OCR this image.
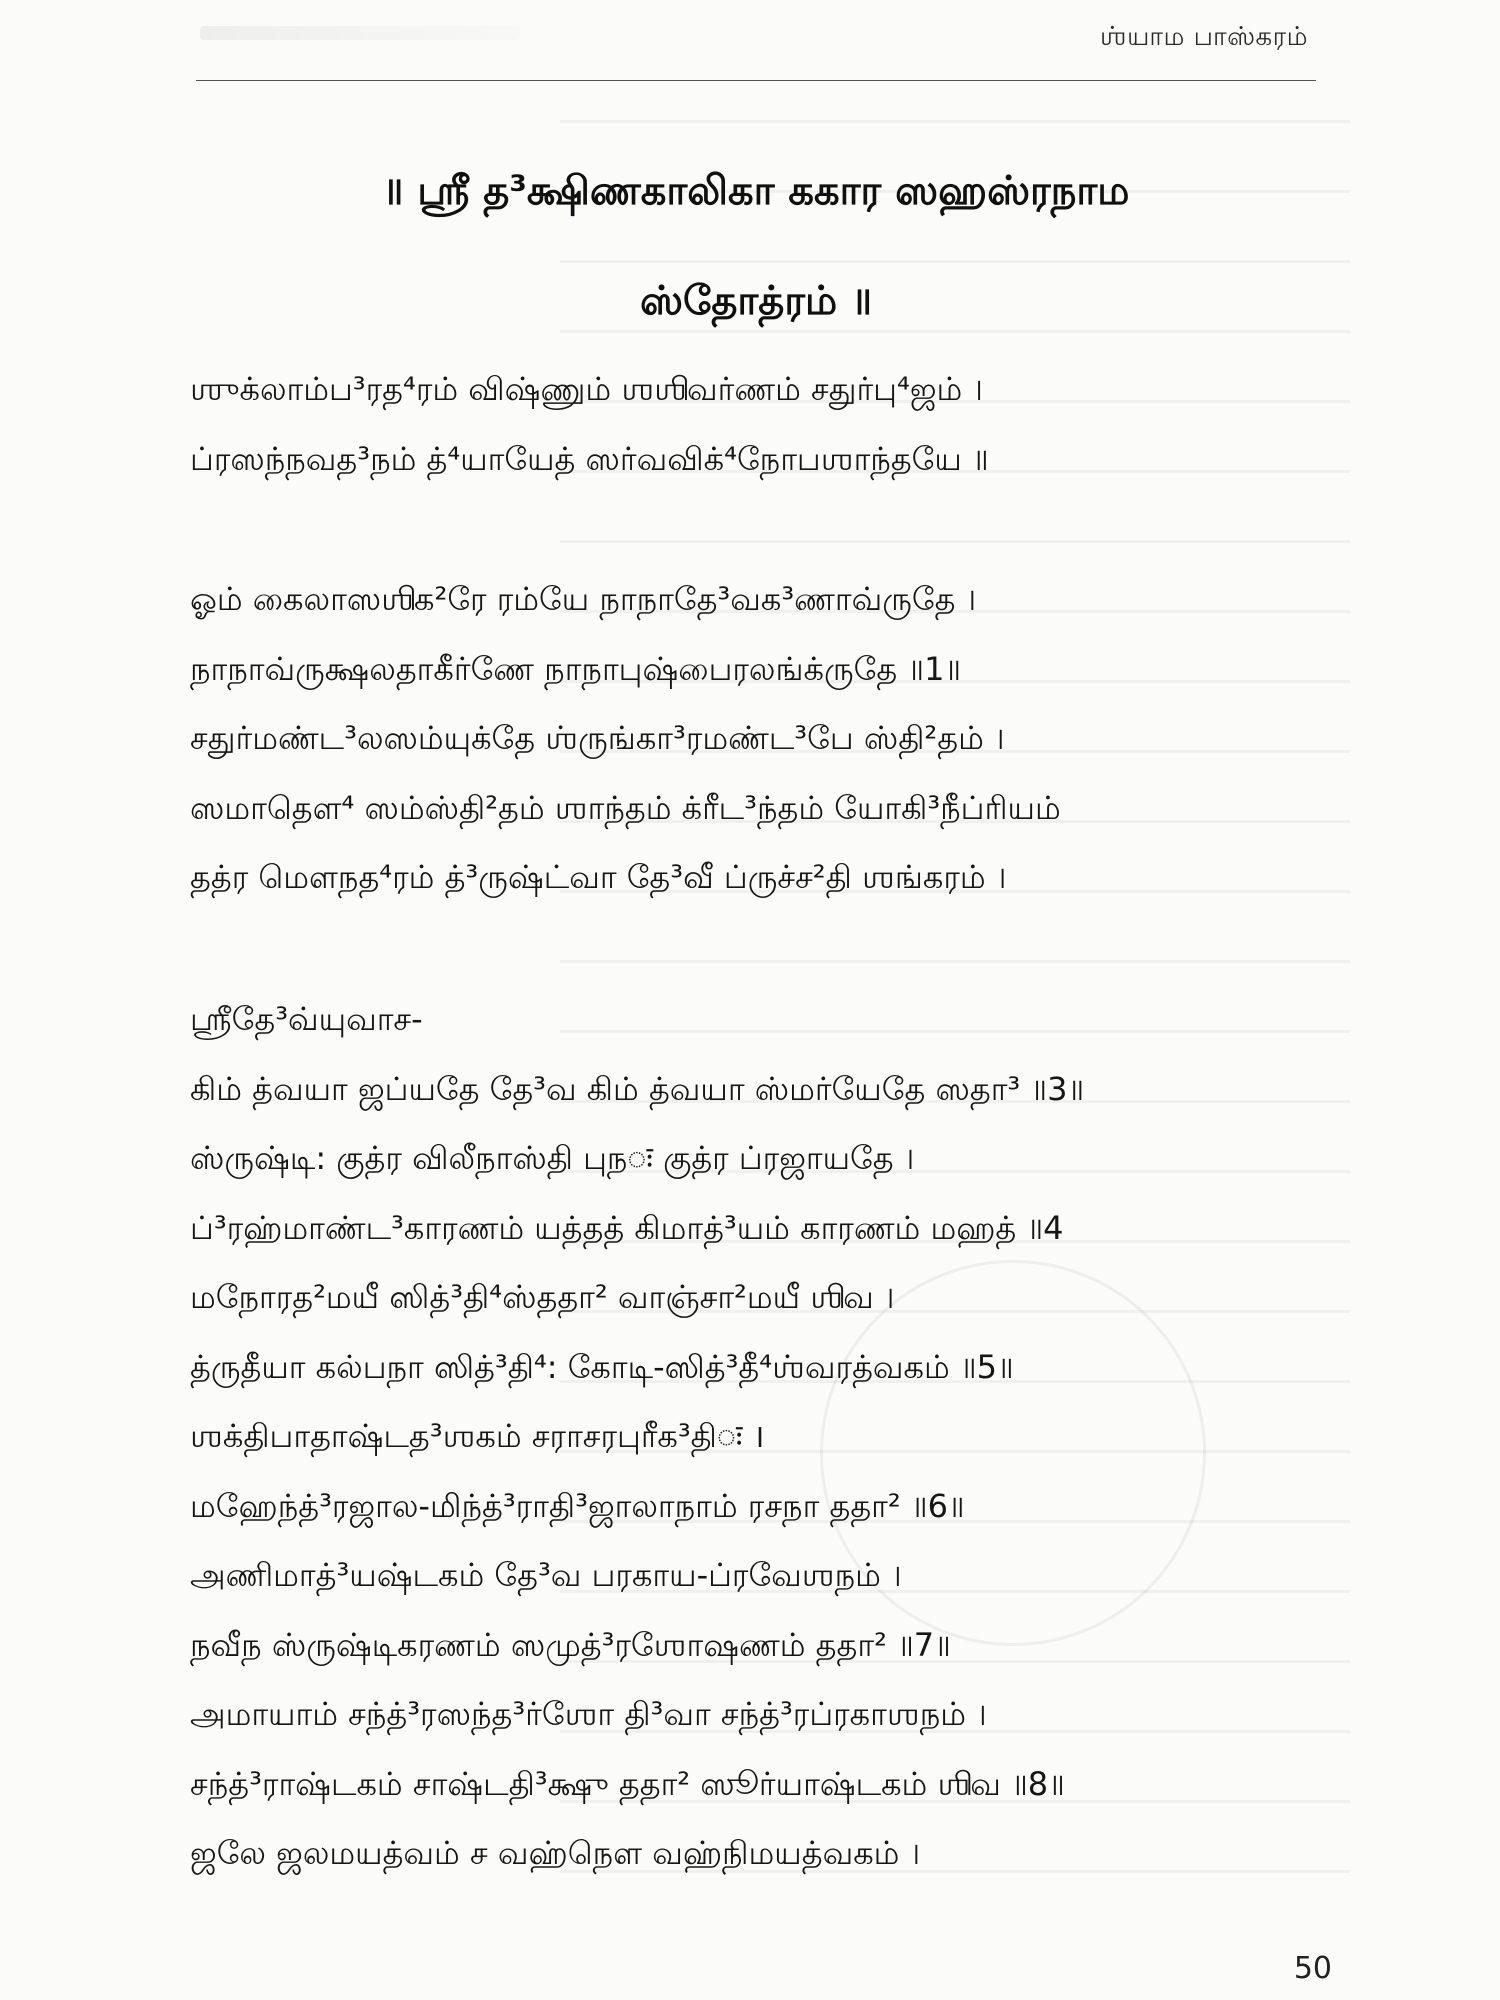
ஶ்யாம பாஸ்கரம்
॥ ஶ்ரீ த³க்ஷிணகாலிகா ககார ஸஹஸ்ரநாம
ஸ்தோத்ரம் ॥
ஶுக்லாம்ப³ரத⁴ரம் விஷ்ணும் ஶஶிவர்ணம் சதுர்பு⁴ஜம் ।
ப்ரஸந்நவத³நம் த்⁴யாயேத் ஸர்வவிக்⁴நோபஶாந்தயே ॥
ஓம் கைலாஸஶிக²ரே ரம்யே நாநாதே³வக³ணாவ்ருதே ।
நாநாவ்ருக்ஷலதாகீர்ணே நாநாபுஷ்பைரலங்க்ருதே ॥1॥
சதுர்மண்ட³லஸம்யுக்தே ஶ்ருங்கா³ரமண்ட³பே ஸ்தி²தம் ।
ஸமாதௌ⁴ ஸம்ஸ்தி²தம் ஶாந்தம் க்ரீட³ந்தம் யோகி³நீப்ரியம்
தத்ர மௌநத⁴ரம் த்³ருஷ்ட்வா தே³வீ ப்ருச்ச²தி ஶங்கரம் ।
ஶ்ரீதே³வ்யுவாச-
கிம் த்வயா ஜப்யதே தே³வ கிம் த்வயா ஸ்மர்யேதே ஸதா³ ॥3॥
ஸ்ருஷ்டி: குத்ர விலீநாஸ்தி புநः குத்ர ப்ரஜாயதே ।
ப்³ரஹ்மாண்ட³காரணம் யத்தத் கிமாத்³யம் காரணம் மஹத் ॥4
மநோரத²மயீ ஸித்³தி⁴ஸ்ததா² வாஞ்சா²மயீ ஶிவ ।
த்ருதீயா கல்பநா ஸித்³தி⁴: கோடி-ஸித்³தீ⁴ஶ்வரத்வகம் ॥5॥
ஶக்திபாதாஷ்டத³ஶகம் சராசரபுரீக³திः ।
மஹேந்த்³ரஜால-மிந்த்³ராதி³ஜாலாநாம் ரசநா ததா² ॥6॥
அணிமாத்³யஷ்டகம் தே³வ பரகாய-ப்ரவேஶநம் ।
நவீந ஸ்ருஷ்டிகரணம் ஸமுத்³ரஶோஷணம் ததா² ॥7॥
அமாயாம் சந்த்³ரஸந்த³ர்ஶோ தி³வா சந்த்³ரப்ரகாஶநம் ।
சந்த்³ராஷ்டகம் சாஷ்டதி³க்ஷு ததா² ஸூர்யாஷ்டகம் ஶிவ ॥8॥
ஜலே ஜலமயத்வம் ச வஹ்நௌ வஹ்நிமயத்வகம் ।
50
